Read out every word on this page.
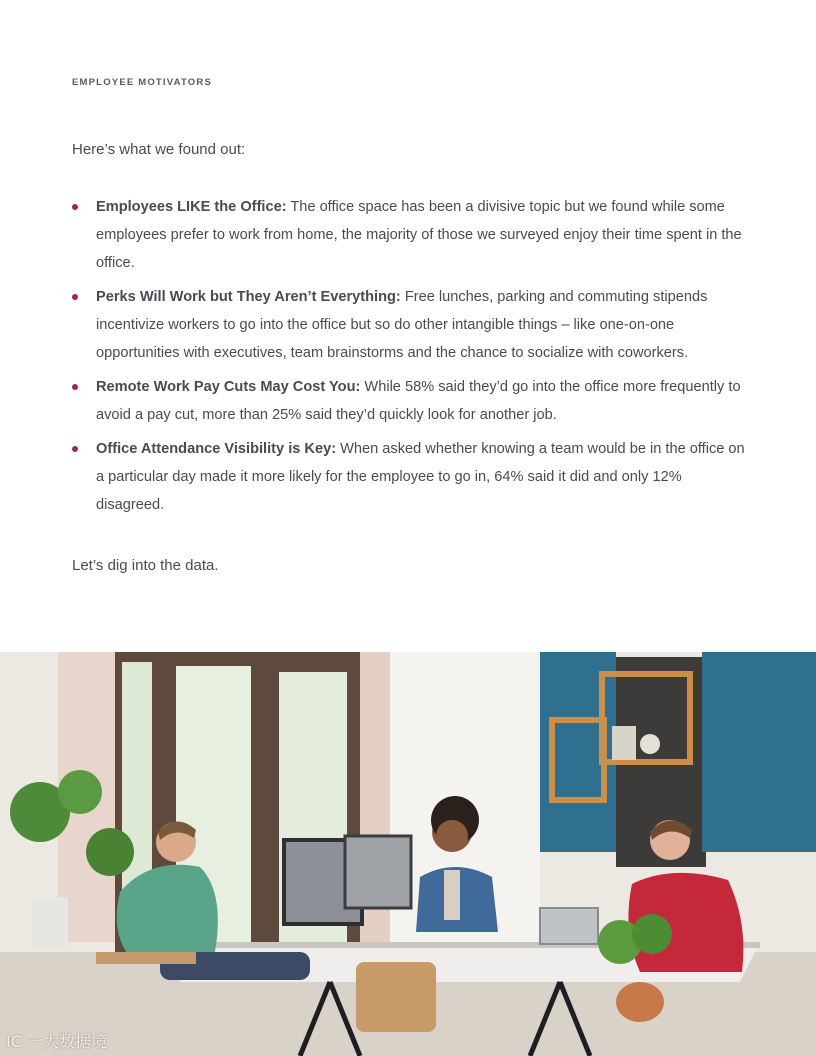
EMPLOYEE MOTIVATORS

Here’s what we found out:

Employees LIKE the Office: The office space has been a divisive topic but we found while some employees prefer to work from home, the majority of those we surveyed enjoy their time spent in the office.
Perks Will Work but They Aren’t Everything: Free lunches, parking and commuting stipends incentivize workers to go into the office but so do other intangible things – like one-on-one opportunities with executives, team brainstorms and the chance to socialize with coworkers.
Remote Work Pay Cuts May Cost You: While 58% said they’d go into the office more frequently to avoid a pay cut, more than 25% said they’d quickly look for another job.
Office Attendance Visibility is Key: When asked whether knowing a team would be in the office on a particular day made it more likely for the employee to go in, 64% said it did and only 12% disagreed.

Let’s dig into the data.

IC 一大数据境
